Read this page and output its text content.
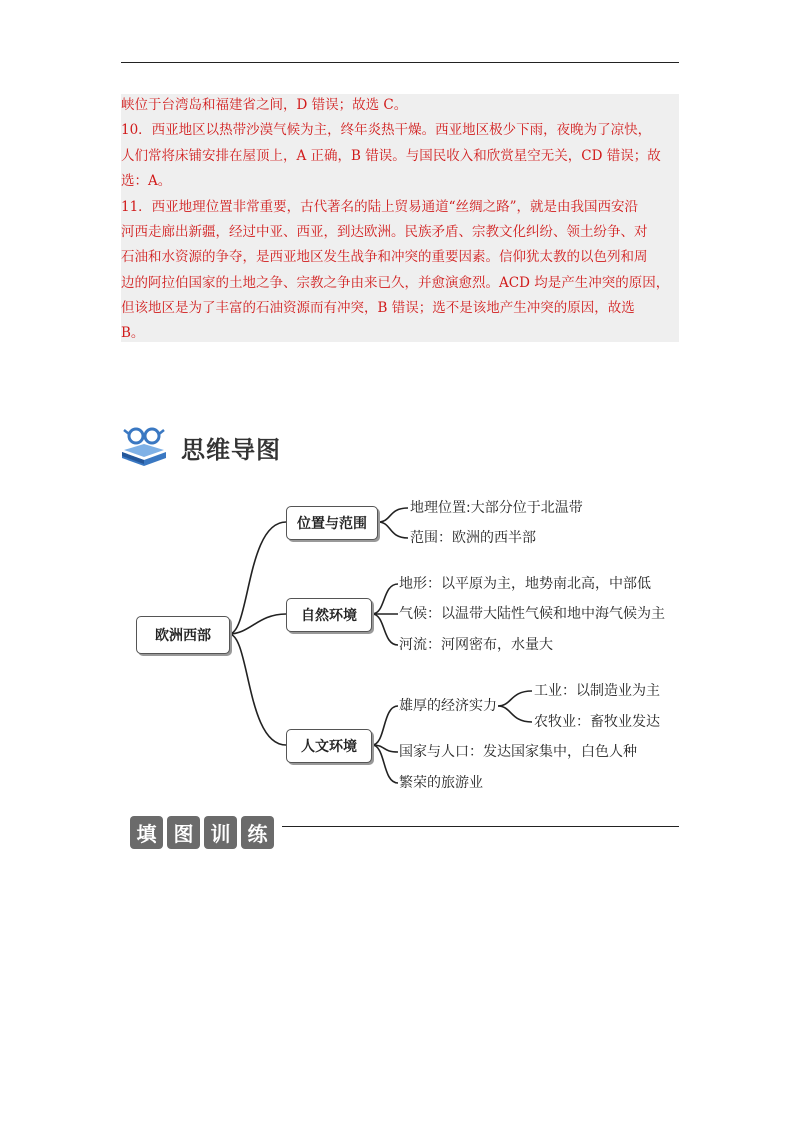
峡位于台湾岛和福建省之间，D 错误；故选 C。
10．西亚地区以热带沙漠气候为主，终年炎热干燥。西亚地区极少下雨，夜晚为了凉快，
人们常将床铺安排在屋顶上，A 正确，B 错误。与国民收入和欣赏星空无关，CD 错误；故
选：A。
11．西亚地理位置非常重要，古代著名的陆上贸易通道“丝绸之路”，就是由我国西安沿
河西走廊出新疆，经过中亚、西亚，到达欧洲。民族矛盾、宗教文化纠纷、领土纷争、对
石油和水资源的争夺，是西亚地区发生战争和冲突的重要因素。信仰犹太教的以色列和周
边的阿拉伯国家的土地之争、宗教之争由来已久，并愈演愈烈。ACD 均是产生冲突的原因，
但该地区是为了丰富的石油资源而有冲突，B 错误；选不是该地产生冲突的原因，故选
B。
思维导图
欧洲西部
位置与范围
自然环境
人文环境
地理位置:大部分位于北温带
范围：欧洲的西半部
地形：以平原为主，地势南北高，中部低
气候：以温带大陆性气候和地中海气候为主
河流：河网密布，水量大
雄厚的经济实力
国家与人口：发达国家集中，白色人种
繁荣的旅游业
工业：以制造业为主
农牧业：畜牧业发达
填 图 训 练
